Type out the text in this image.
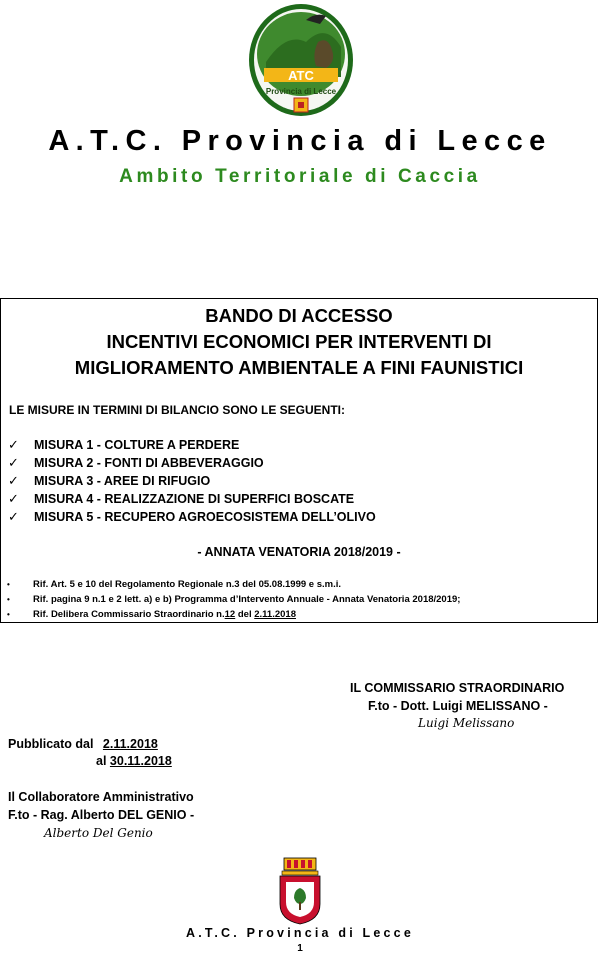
ATC
Provincia di Lecce
A.T.C. Provincia di Lecce
Ambito Territoriale di Caccia
BANDO DI ACCESSO
INCENTIVI ECONOMICI PER INTERVENTI DI
MIGLIORAMENTO AMBIENTALE A FINI FAUNISTICI
LE MISURE IN TERMINI DI BILANCIO SONO LE SEGUENTI:
✓	MISURA 1 - COLTURE A PERDERE
✓	MISURA 2 - FONTI DI ABBEVERAGGIO
✓	MISURA 3 - AREE DI RIFUGIO
✓	MISURA 4 - REALIZZAZIONE DI SUPERFICI BOSCATE
✓	MISURA 5 - RECUPERO AGROECOSISTEMA DELL’OLIVO
- ANNATA VENATORIA 2018/2019 -
•	Rif. Art. 5 e 10 del Regolamento Regionale n.3 del 05.08.1999 e s.m.i.
•	Rif. pagina 9 n.1 e 2 lett. a) e b) Programma d’Intervento Annuale - Annata Venatoria 2018/2019;
•	Rif. Delibera Commissario Straordinario n. 12 del 2.11.2018
IL COMMISSARIO STRAORDINARIO
F.to - Dott. Luigi MELISSANO -
Luigi Melissano
Pubblicato dal 2.11.2018
al 30.11.2018
Il Collaboratore Amministrativo
F.to - Rag. Alberto DEL GENIO -
Alberto Del Genio
A.T.C. Provincia di Lecce
1
